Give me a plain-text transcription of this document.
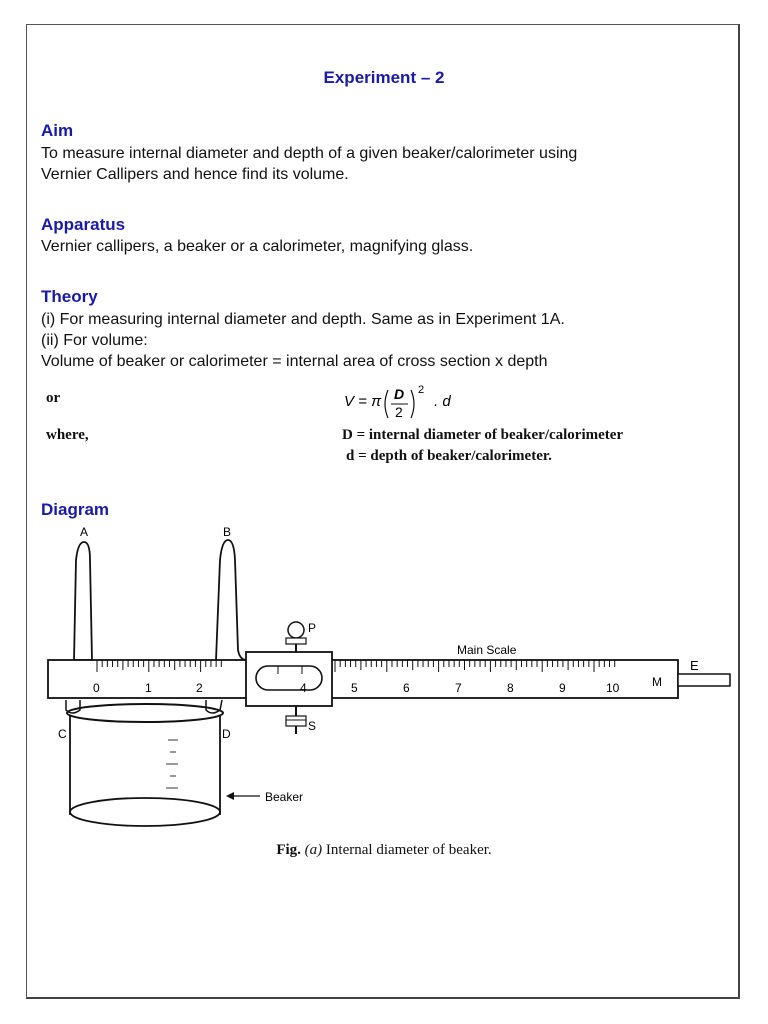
Experiment – 2
Aim
To measure internal diameter and depth of a given beaker/calorimeter using
Vernier Callipers and hence find its volume.
Apparatus
Vernier callipers, a beaker or a calorimeter, magnifying glass.
Theory
(i) For measuring internal diameter and depth. Same as in Experiment 1A.
(ii) For volume:
Volume of beaker or calorimeter = internal area of cross section x depth
or	V = π D
2
2
. d
where,	D = internal diameter of beaker/calorimeter
d = depth of beaker/calorimeter.
Diagram
A	B
C	D
E
M
P
S
Main Scale
Beaker
0	1	2	4	5	6	7	8	9	10
Fig. (a) Internal diameter of beaker.
